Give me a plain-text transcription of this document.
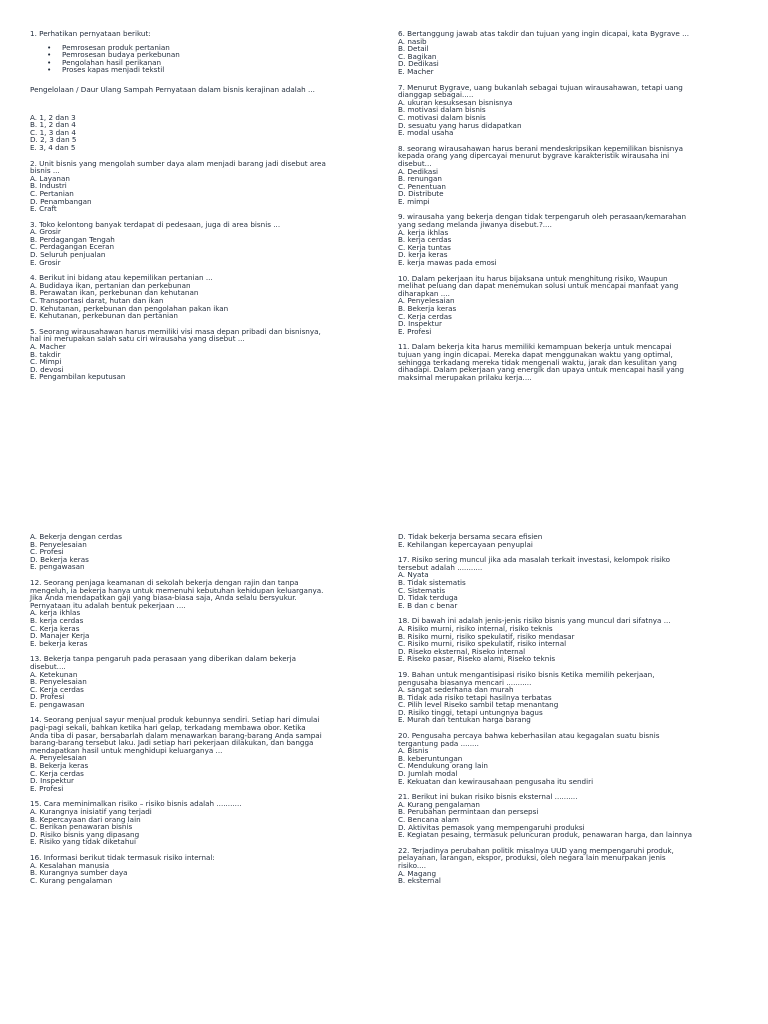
1. Perhatikan pernyataan berikut:
• Pemrosesan produk pertanian
• Pemrosesan budaya perkebunan
• Pengolahan hasil perikanan
• Proses kapas menjadi tekstil
Pengelolaan / Daur Ulang Sampah Pernyataan dalam bisnis kerajinan adalah ...
A. 1, 2 dan 3
B. 1, 2 dan 4
C. 1, 3 dan 4
D. 2, 3 dan 5
E. 3, 4 dan 5
2. Unit bisnis yang mengolah sumber daya alam menjadi barang jadi disebut area
bisnis ...
A. Layanan
B. Industri
C. Pertanian
D. Penambangan
E. Craft
3. Toko kelontong banyak terdapat di pedesaan, juga di area bisnis ...
A. Grosir
B. Perdagangan Tengah
C. Perdagangan Eceran
D. Seluruh penjualan
E. Grosir
4. Berikut ini bidang atau kepemilikan pertanian ...
A. Budidaya ikan, pertanian dan perkebunan
B. Perawatan ikan, perkebunan dan kehutanan
C. Transportasi darat, hutan dan ikan
D. Kehutanan, perkebunan dan pengolahan pakan ikan
E. Kehutanan, perkebunan dan pertanian
5. Seorang wirausahawan harus memiliki visi masa depan pribadi dan bisnisnya,
hal ini merupakan salah satu ciri wirausaha yang disebut ...
A. Macher
B. takdir
C. Mimpi
D. devosi
E. Pengambilan keputusan
6. Bertanggung jawab atas takdir dan tujuan yang ingin dicapai, kata Bygrave ...
A. nasib
B. Detail
C. Bagikan
D. Dedikasi
E. Macher
7. Menurut Bygrave, uang bukanlah sebagai tujuan wirausahawan, tetapi uang
dianggap sebagai.....
A. ukuran kesuksesan bisnisnya
B. motivasi dalam bisnis
C. motivasi dalam bisnis
D. sesuatu yang harus didapatkan
E. modal usaha
8. seorang wirausahawan harus berani mendeskripsikan kepemilikan bisnisnya
kepada orang yang dipercayai menurut bygrave karakteristik wirausaha ini
disebut...
A. Dedikasi
B. renungan
C. Penentuan
D. Distribute
E. mimpi
9. wirausaha yang bekerja dengan tidak terpengaruh oleh perasaan/kemarahan
yang sedang melanda jiwanya disebut.?....
A. kerja ikhlas
B. kerja cerdas
C. Kerja tuntas
D. kerja keras
E. kerja mawas pada emosi
10. Dalam pekerjaan itu harus bijaksana untuk menghitung risiko, Waupun
melihat peluang dan dapat menemukan solusi untuk mencapai manfaat yang
diharapkan ....
A. Penyelesaian
B. Bekerja keras
C. Kerja cerdas
D. Inspektur
E. Profesi
11. Dalam bekerja kita harus memiliki kemampuan bekerja untuk mencapai
tujuan yang ingin dicapai. Mereka dapat menggunakan waktu yang optimal,
sehingga terkadang mereka tidak mengenali waktu, jarak dan kesulitan yang
dihadapi. Dalam pekerjaan yang energik dan upaya untuk mencapai hasil yang
maksimal merupakan prilaku kerja....
A. Bekerja dengan cerdas
B. Penyelesaian
C. Profesi
D. Bekerja keras
E. pengawasan
12. Seorang penjaga keamanan di sekolah bekerja dengan rajin dan tanpa
mengeluh, ia bekerja hanya untuk memenuhi kebutuhan kehidupan keluarganya.
Jika Anda mendapatkan gaji yang biasa-biasa saja, Anda selalu bersyukur.
Pernyataan itu adalah bentuk pekerjaan ....
A. kerja ikhlas
B. kerja cerdas
C. Kerja keras
D. Manajer Kerja
E. bekerja keras
13. Bekerja tanpa pengaruh pada perasaan yang diberikan dalam bekerja
disebut....
A. Ketekunan
B. Penyelesaian
C. Kerja cerdas
D. Profesi
E. pengawasan
14. Seorang penjual sayur menjual produk kebunnya sendiri. Setiap hari dimulai
pagi-pagi sekali, bahkan ketika hari gelap, terkadang membawa obor. Ketika
Anda tiba di pasar, bersabarlah dalam menawarkan barang-barang Anda sampai
barang-barang tersebut laku. Jadi setiap hari pekerjaan dilakukan, dan bangga
mendapatkan hasil untuk menghidupi keluarganya ...
A. Penyelesaian
B. Bekerja keras
C. Kerja cerdas
D. Inspektur
E. Profesi
15. Cara meminimalkan risiko – risiko bisnis adalah ...........
A. Kurangnya inisiatif yang terjadi
B. Kepercayaan dari orang lain
C. Berikan penawaran bisnis
D. Risiko bisnis yang dipasang
E. Risiko yang tidak diketahui
16. Informasi berikut tidak termasuk risiko internal:
A. Kesalahan manusia
B. Kurangnya sumber daya
C. Kurang pengalaman
D. Tidak bekerja bersama secara efisien
E. Kehilangan kepercayaan penyuplai
17. Risiko sering muncul jika ada masalah terkait investasi, kelompok risiko
tersebut adalah ...........
A. Nyata
B. Tidak sistematis
C. Sistematis
D. Tidak terduga
E. B dan c benar
18. Di bawah ini adalah jenis-jenis risiko bisnis yang muncul dari sifatnya ...
A. Risiko murni, risiko internal, risiko teknis
B. Risiko murni, risiko spekulatif, risiko mendasar
C. Risiko murni, risiko spekulatif, risiko internal
D. Riseko eksternal, Riseko internal
E. Riseko pasar, Riseko alami, Riseko teknis
19. Bahan untuk mengantisipasi risiko bisnis Ketika memilih pekerjaan,
pengusaha biasanya mencari ...........
A. sangat sederhana dan murah
B. Tidak ada risiko tetapi hasilnya terbatas
C. Pilih level Riseko sambil tetap menantang
D. Risiko tinggi, tetapi untungnya bagus
E. Murah dan tentukan harga barang
20. Pengusaha percaya bahwa keberhasilan atau kegagalan suatu bisnis
tergantung pada ........
A. Bisnis
B. keberuntungan
C. Mendukung orang lain
D. Jumlah modal
E. Kekuatan dan kewirausahaan pengusaha itu sendiri
21. Berikut ini bukan risiko bisnis eksternal ..........
A. Kurang pengalaman
B. Perubahan permintaan dan persepsi
C. Bencana alam
D. Aktivitas pemasok yang mempengaruhi produksi
E. Kegiatan pesaing, termasuk peluncuran produk, penawaran harga, dan lainnya
22. Terjadinya perubahan politik misalnya UUD yang mempengaruhi produk,
pelayanan, larangan, ekspor, produksi, oleh negara lain menurpakan jenis
risiko....
A. Magang
B. eksternal
